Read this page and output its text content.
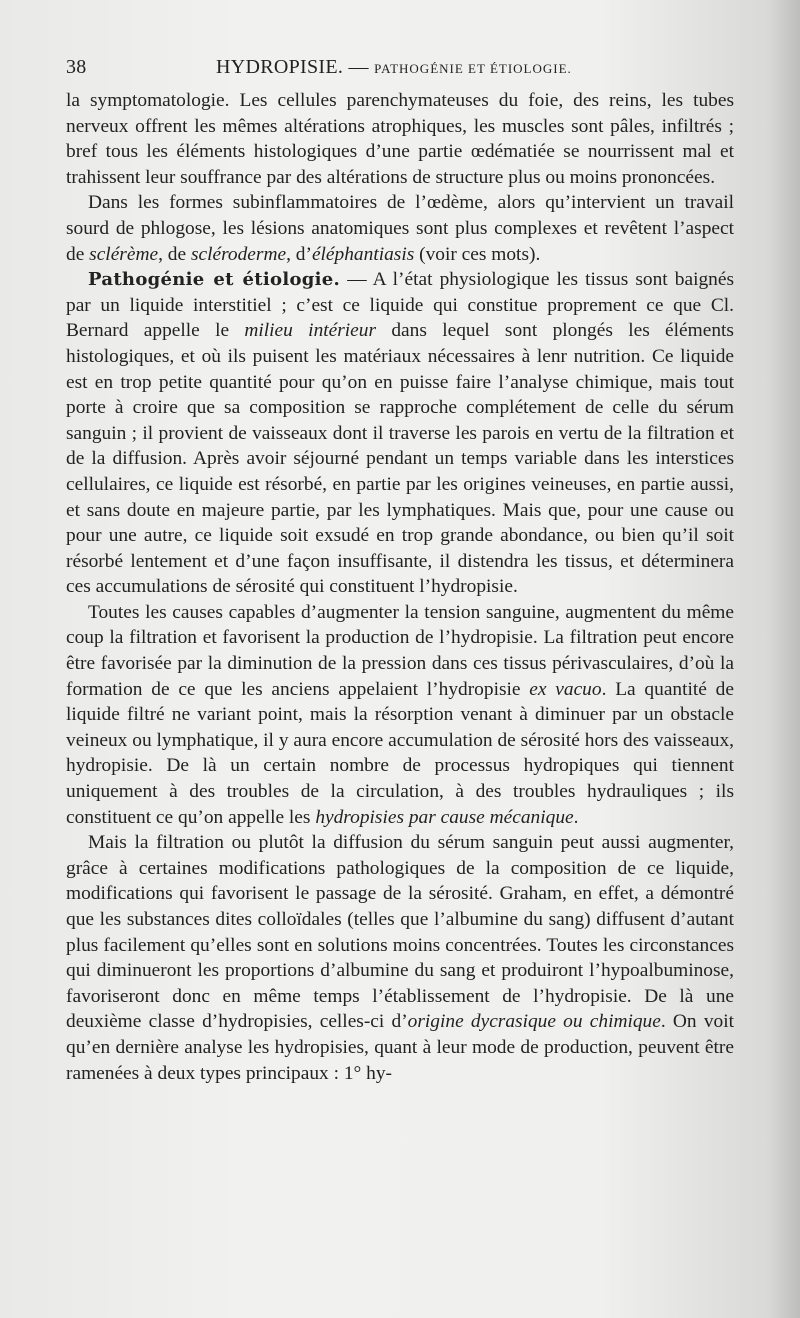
38	HYDROPISIE. — PATHOGÉNIE ET ÉTIOLOGIE.

la symptomatologie. Les cellules parenchymateuses du foie, des reins, les tubes nerveux offrent les mêmes altérations atrophiques, les muscles sont pâles, infiltrés ; bref tous les éléments histologiques d’une partie œdématiée se nourrissent mal et trahissent leur souffrance par des altérations de structure plus ou moins prononcées.

Dans les formes subinflammatoires de l’œdème, alors qu’intervient un travail sourd de phlogose, les lésions anatomiques sont plus complexes et revêtent l’aspect de sclérème, de scléroderme, d’éléphantiasis (voir ces mots).

Pathogénie et étiologie. — A l’état physiologique les tissus sont baignés par un liquide interstitiel ; c’est ce liquide qui constitue proprement ce que Cl. Bernard appelle le milieu intérieur dans lequel sont plongés les éléments histologiques, et où ils puisent les matériaux nécessaires à lenr nutrition. Ce liquide est en trop petite quantité pour qu’on en puisse faire l’analyse chimique, mais tout porte à croire que sa composition se rapproche complétement de celle du sérum sanguin ; il provient de vaisseaux dont il traverse les parois en vertu de la filtration et de la diffusion. Après avoir séjourné pendant un temps variable dans les interstices cellulaires, ce liquide est résorbé, en partie par les origines veineuses, en partie aussi, et sans doute en majeure partie, par les lymphatiques. Mais que, pour une cause ou pour une autre, ce liquide soit exsudé en trop grande abondance, ou bien qu’il soit résorbé lentement et d’une façon insuffisante, il distendra les tissus, et déterminera ces accumulations de sérosité qui constituent l’hydropisie.

Toutes les causes capables d’augmenter la tension sanguine, augmentent du même coup la filtration et favorisent la production de l’hydropisie. La filtration peut encore être favorisée par la diminution de la pression dans ces tissus périvasculaires, d’où la formation de ce que les anciens appelaient l’hydropisie ex vacuo. La quantité de liquide filtré ne variant point, mais la résorption venant à diminuer par un obstacle veineux ou lymphatique, il y aura encore accumulation de sérosité hors des vaisseaux, hydropisie. De là un certain nombre de processus hydropiques qui tiennent uniquement à des troubles de la circulation, à des troubles hydrauliques ; ils constituent ce qu’on appelle les hydropisies par cause mécanique.

Mais la filtration ou plutôt la diffusion du sérum sanguin peut aussi augmenter, grâce à certaines modifications pathologiques de la composition de ce liquide, modifications qui favorisent le passage de la sérosité. Graham, en effet, a démontré que les substances dites colloïdales (telles que l’albumine du sang) diffusent d’autant plus facilement qu’elles sont en solutions moins concentrées. Toutes les circonstances qui diminueront les proportions d’albumine du sang et produiront l’hypoalbuminose, favoriseront donc en même temps l’établissement de l’hydropisie. De là une deuxième classe d’hydropisies, celles-ci d’origine dycrasique ou chimique. On voit qu’en dernière analyse les hydropisies, quant à leur mode de production, peuvent être ramenées à deux types principaux : 1° hy-
